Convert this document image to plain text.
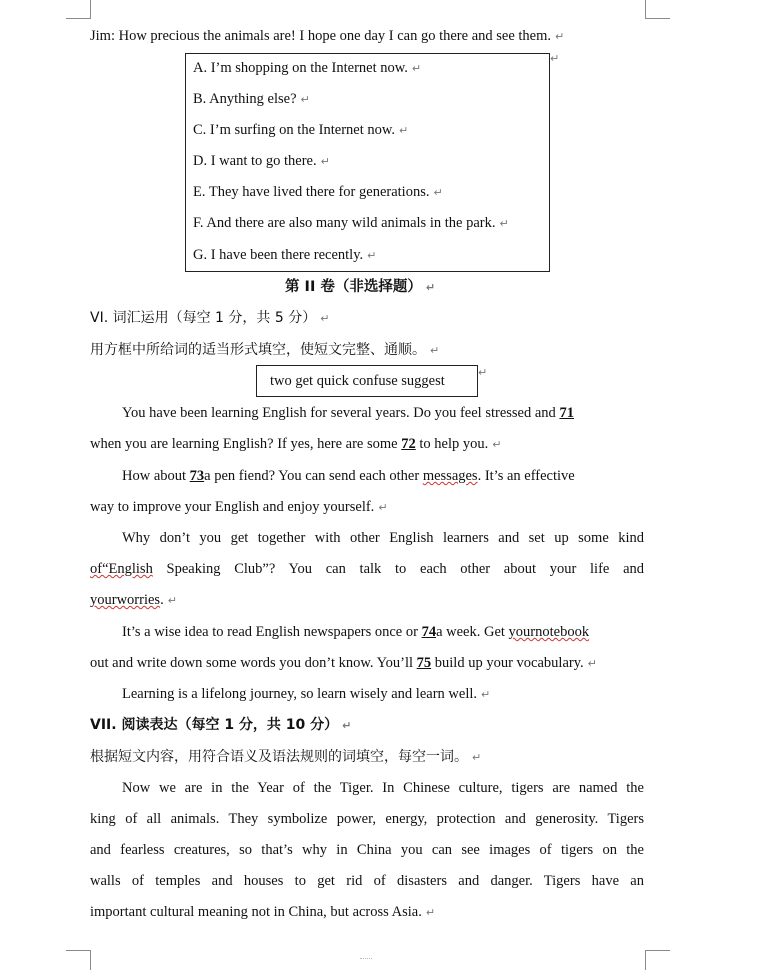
Jim: How precious the animals are! I hope one day I can go there and see them. ↵
A. I’m shopping on the Internet now. ↵
B. Anything else? ↵
C. I’m surfing on the Internet now. ↵
D. I want to go there. ↵
E. They have lived there for generations. ↵
F. And there are also many wild animals in the park. ↵
G. I have been there recently. ↵
↵
第 II 卷（非选择题） ↵
VI. 词汇运用（每空 1 分，共 5 分） ↵
用方框中所给词的适当形式填空，使短文完整、通顺。 ↵
two get quick confuse suggest
↵
You have been learning English for several years. Do you feel stressed and 71
when you are learning English? If yes, here are some 72 to help you. ↵
How about 73a pen fiend? You can send each other messages. It’s an effective
way to improve your English and enjoy yourself. ↵
Why don’t you get together with other English learners and set up some kind
of“English Speaking Club”? You can talk to each other about your life and
yourworries. ↵
It’s a wise idea to read English newspapers once or 74a week. Get yournotebook
out and write down some words you don’t know. You’ll 75 build up your vocabulary. ↵
Learning is a lifelong journey, so learn wisely and learn well. ↵
VII. 阅读表达（每空 1 分，共 10 分） ↵
根据短文内容，用符合语义及语法规则的词填空，每空一词。 ↵
Now we are in the Year of the Tiger. In Chinese culture, tigers are named the
king of all animals. They symbolize power, energy, protection and generosity. Tigers
and fearless creatures, so that’s why in China you can see images of tigers on the
walls of temples and houses to get rid of disasters and danger. Tigers have an
important cultural meaning not in China, but across Asia. ↵
